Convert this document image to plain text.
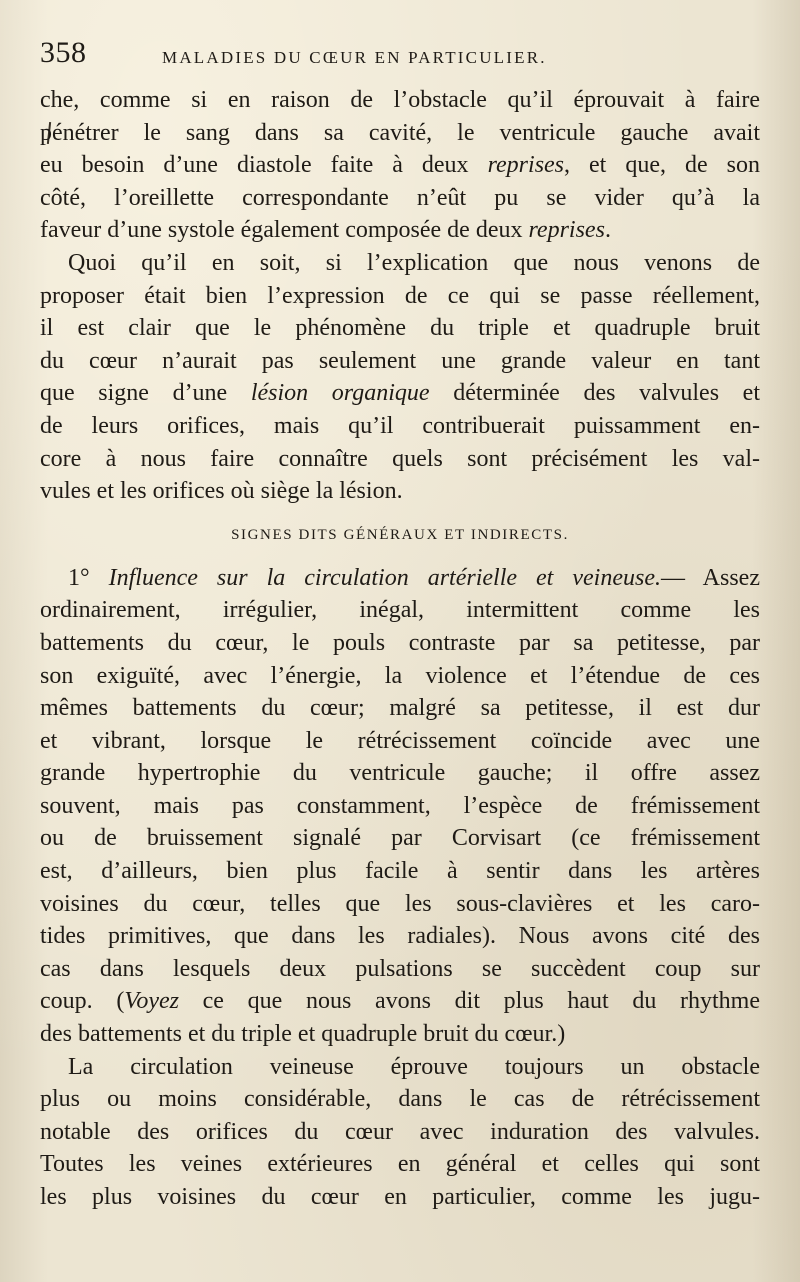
358	MALADIES DU CŒUR EN PARTICULIER.
che, comme si en raison de l’obstacle qu’il éprouvait à faire
pénétrer le sang dans sa cavité, le ventricule gauche avait
eu besoin d’une diastole faite à deux reprises, et que, de son
côté, l’oreillette correspondante n’eût pu se vider qu’à la
faveur d’une systole également composée de deux reprises.
Quoi qu’il en soit, si l’explication que nous venons de
proposer était bien l’expression de ce qui se passe réellement,
il est clair que le phénomène du triple et quadruple bruit
du cœur n’aurait pas seulement une grande valeur en tant
que signe d’une lésion organique déterminée des valvules et
de leurs orifices, mais qu’il contribuerait puissamment en-
core à nous faire connaître quels sont précisément les val-
vules et les orifices où siège la lésion.
SIGNES DITS GÉNÉRAUX ET INDIRECTS.
1° Influence sur la circulation artérielle et veineuse.— Assez
ordinairement, irrégulier, inégal, intermittent comme les
battements du cœur, le pouls contraste par sa petitesse, par
son exiguïté, avec l’énergie, la violence et l’étendue de ces
mêmes battements du cœur; malgré sa petitesse, il est dur
et vibrant, lorsque le rétrécissement coïncide avec une
grande hypertrophie du ventricule gauche; il offre assez
souvent, mais pas constamment, l’espèce de frémissement
ou de bruissement signalé par Corvisart (ce frémissement
est, d’ailleurs, bien plus facile à sentir dans les artères
voisines du cœur, telles que les sous-clavières et les caro-
tides primitives, que dans les radiales). Nous avons cité des
cas dans lesquels deux pulsations se succèdent coup sur
coup. (Voyez ce que nous avons dit plus haut du rhythme
des battements et du triple et quadruple bruit du cœur.)
La circulation veineuse éprouve toujours un obstacle
plus ou moins considérable, dans le cas de rétrécissement
notable des orifices du cœur avec induration des valvules.
Toutes les veines extérieures en général et celles qui sont
les plus voisines du cœur en particulier, comme les jugu-
